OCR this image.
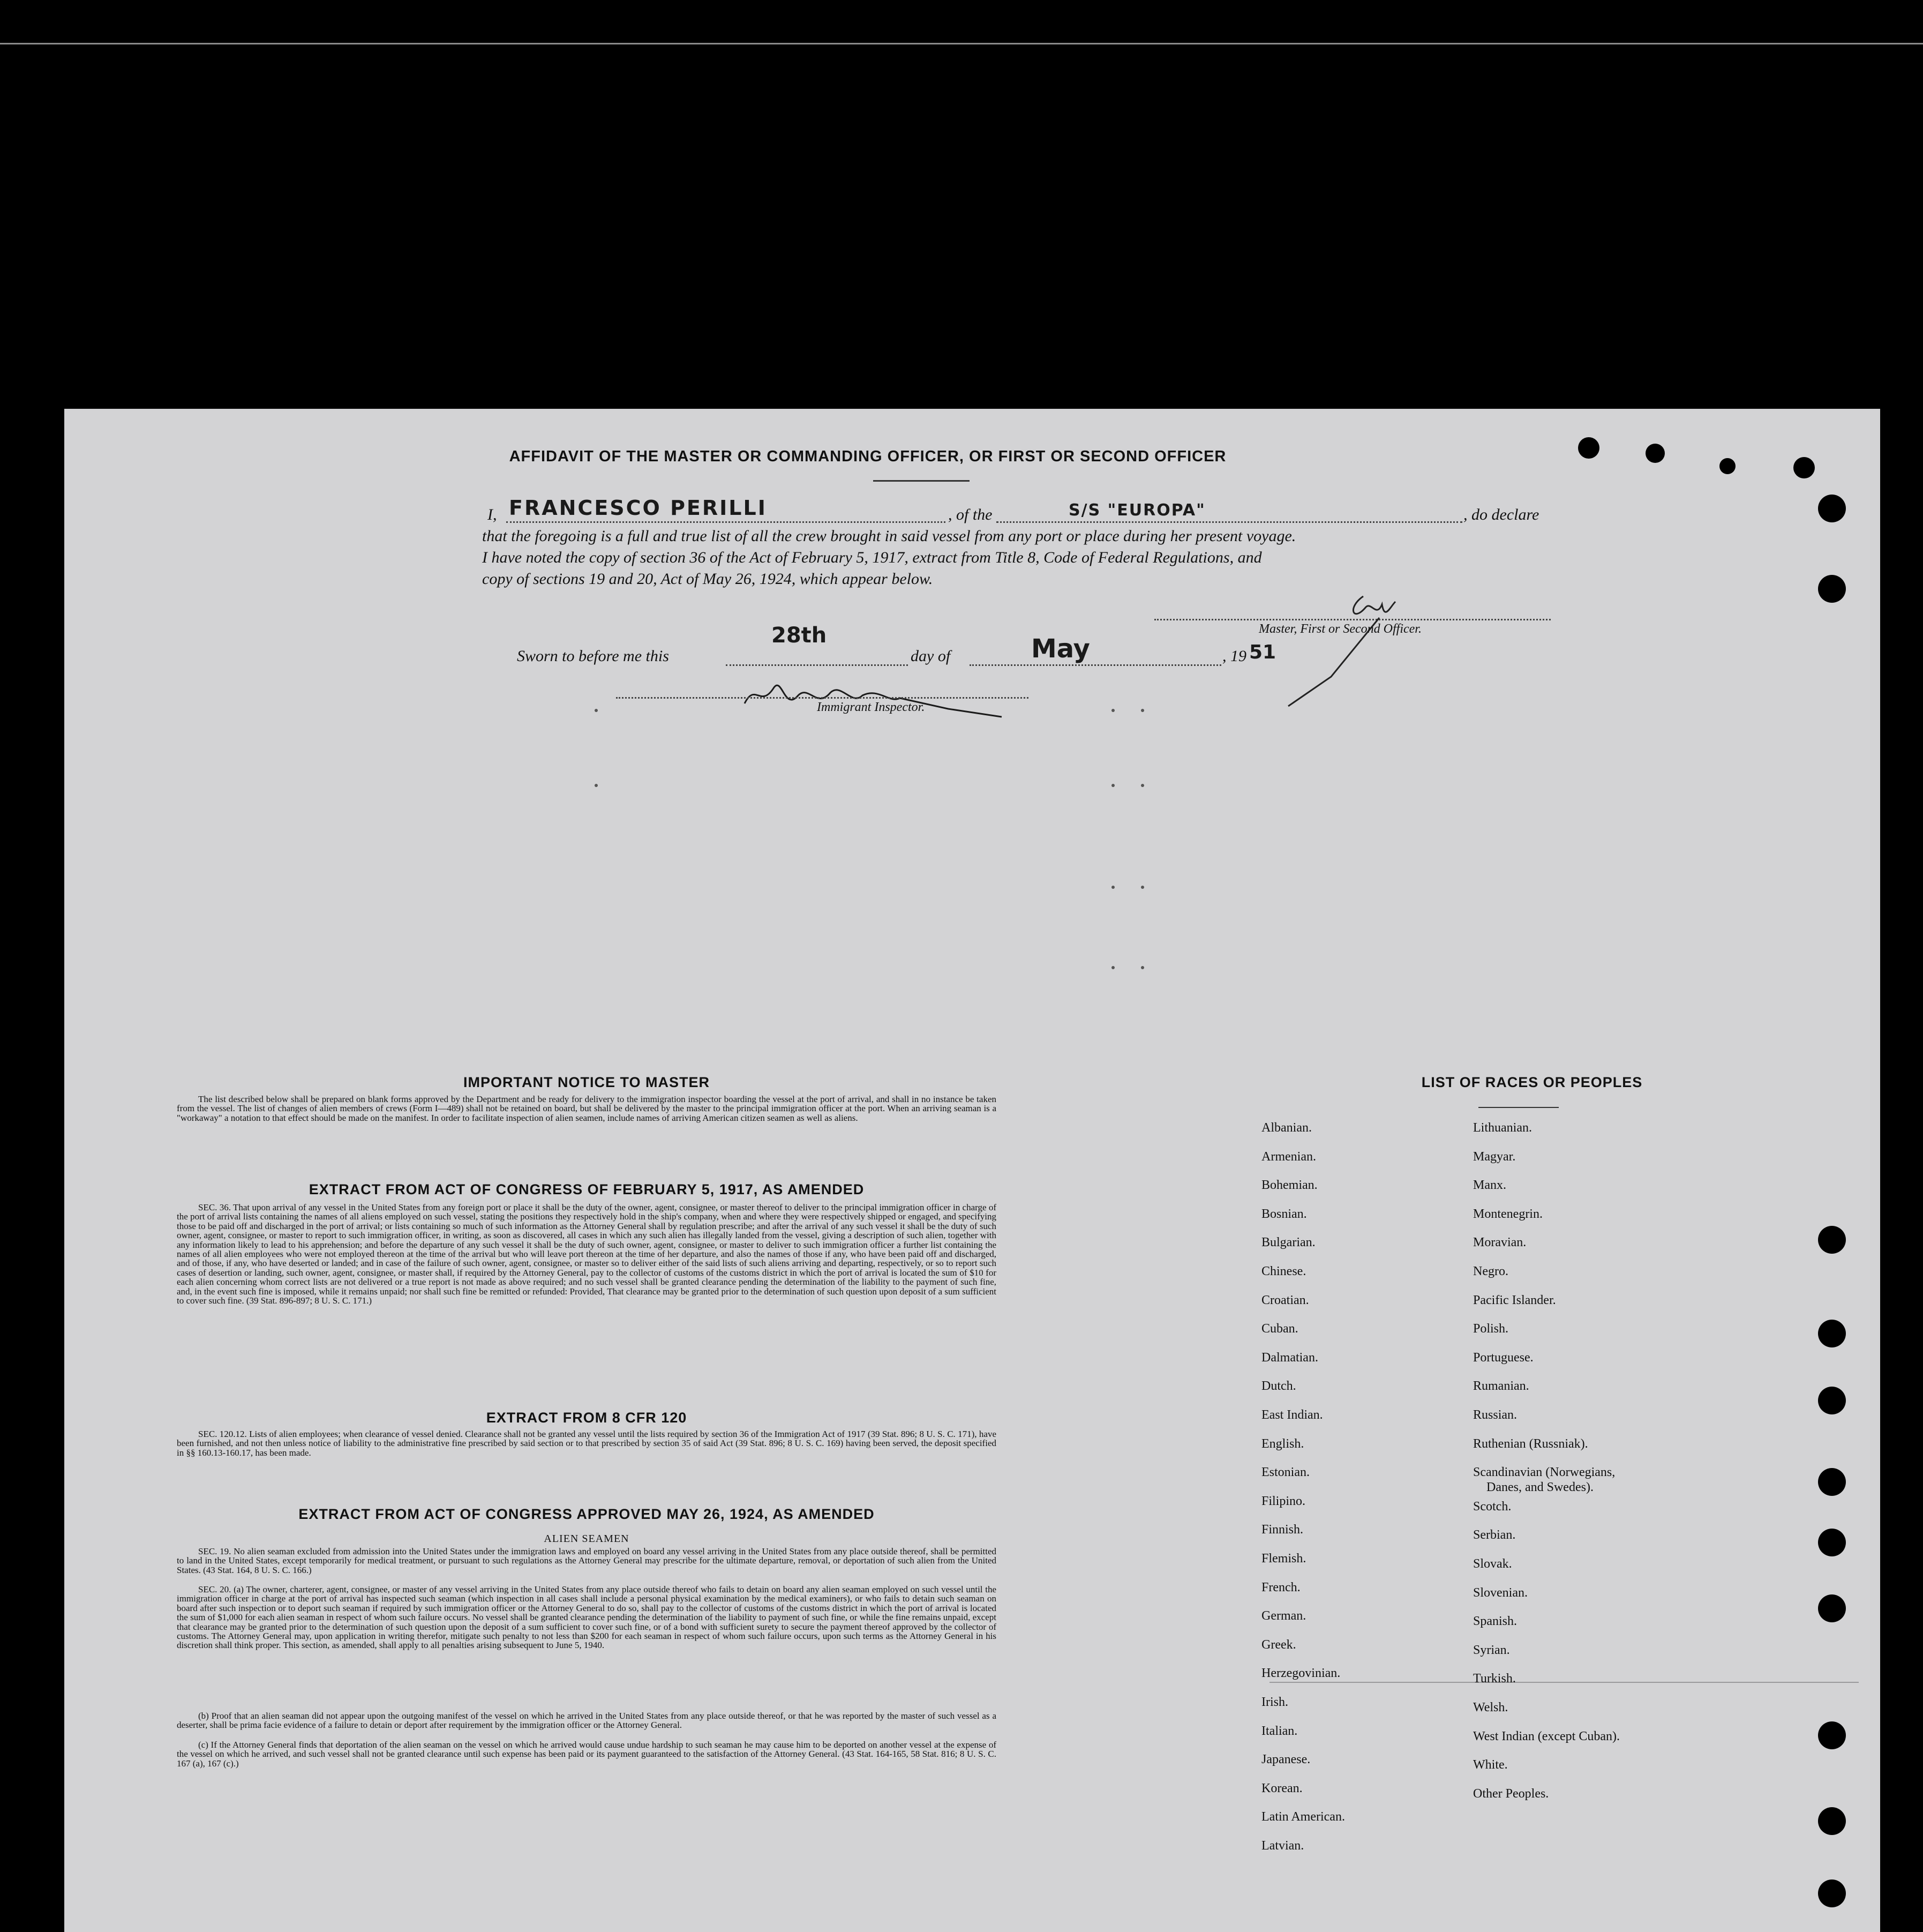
AFFIDAVIT OF THE MASTER OR COMMANDING OFFICER, OR FIRST OR SECOND OFFICER
I, FRANCESCO PERILLI	, of the	S/S "EUROPA"	, do declare
that the foregoing is a full and true list of all the crew brought in said vessel from any port or place during her present voyage.
I have noted the copy of section 36 of the Act of February 5, 1917, extract from Title 8, Code of Federal Regulations, and
copy of sections 19 and 20, Act of May 26, 1924, which appear below.
Master, First or Second Officer.
Sworn to before me this
28th
day of	May	, 19 51
Immigrant Inspector.
IMPORTANT NOTICE TO MASTER
The list described below shall be prepared on blank forms approved by the Department and be ready for delivery to the immigration inspector boarding the vessel at the port of arrival, and shall in no instance be taken from the vessel. The list of changes of alien members of crews (Form I—489) shall not be retained on board, but shall be delivered by the master to the principal immigration officer at the port. When an arriving seaman is a "workaway" a notation to that effect should be made on the manifest. In order to facilitate inspection of alien seamen, include names of arriving American citizen seamen as well as aliens.
EXTRACT FROM ACT OF CONGRESS OF FEBRUARY 5, 1917, AS AMENDED
SEC. 36. That upon arrival of any vessel in the United States from any foreign port or place it shall be the duty of the owner, agent, consignee, or master thereof to deliver to the principal immigration officer in charge of the port of arrival lists containing the names of all aliens employed on such vessel, stating the positions they respectively hold in the ship's company, when and where they were respectively shipped or engaged, and specifying those to be paid off and discharged in the port of arrival; or lists containing so much of such information as the Attorney General shall by regulation prescribe; and after the arrival of any such vessel it shall be the duty of such owner, agent, consignee, or master to report to such immigration officer, in writing, as soon as discovered, all cases in which any such alien has illegally landed from the vessel, giving a description of such alien, together with any information likely to lead to his apprehension; and before the departure of any such vessel it shall be the duty of such owner, agent, consignee, or master to deliver to such immigration officer a further list containing the names of all alien employees who were not employed thereon at the time of the arrival but who will leave port thereon at the time of her departure, and also the names of those if any, who have been paid off and discharged, and of those, if any, who have deserted or landed; and in case of the failure of such owner, agent, consignee, or master so to deliver either of the said lists of such aliens arriving and departing, respectively, or so to report such cases of desertion or landing, such owner, agent, consignee, or master shall, if required by the Attorney General, pay to the collector of customs of the customs district in which the port of arrival is located the sum of $10 for each alien concerning whom correct lists are not delivered or a true report is not made as above required; and no such vessel shall be granted clearance pending the determination of the liability to the payment of such fine, and, in the event such fine is imposed, while it remains unpaid; nor shall such fine be remitted or refunded: Provided, That clearance may be granted prior to the determination of such question upon deposit of a sum sufficient to cover such fine. (39 Stat. 896-897; 8 U. S. C. 171.)
EXTRACT FROM 8 CFR 120
SEC. 120.12. Lists of alien employees; when clearance of vessel denied. Clearance shall not be granted any vessel until the lists required by section 36 of the Immigration Act of 1917 (39 Stat. 896; 8 U. S. C. 171), have been furnished, and not then unless notice of liability to the administrative fine prescribed by said section or to that prescribed by section 35 of said Act (39 Stat. 896; 8 U. S. C. 169) having been served, the deposit specified in §§ 160.13-160.17, has been made.
EXTRACT FROM ACT OF CONGRESS APPROVED MAY 26, 1924, AS AMENDED
ALIEN SEAMEN
SEC. 19. No alien seaman excluded from admission into the United States under the immigration laws and employed on board any vessel arriving in the United States from any place outside thereof, shall be permitted to land in the United States, except temporarily for medical treatment, or pursuant to such regulations as the Attorney General may prescribe for the ultimate departure, removal, or deportation of such alien from the United States. (43 Stat. 164, 8 U. S. C. 166.)
SEC. 20. (a) The owner, charterer, agent, consignee, or master of any vessel arriving in the United States from any place outside thereof who fails to detain on board any alien seaman employed on such vessel until the immigration officer in charge at the port of arrival has inspected such seaman (which inspection in all cases shall include a personal physical examination by the medical examiners), or who fails to detain such seaman on board after such inspection or to deport such seaman if required by such immigration officer or the Attorney General to do so, shall pay to the collector of customs of the customs district in which the port of arrival is located the sum of $1,000 for each alien seaman in respect of whom such failure occurs. No vessel shall be granted clearance pending the determination of the liability to payment of such fine, or while the fine remains unpaid, except that clearance may be granted prior to the determination of such question upon the deposit of a sum sufficient to cover such fine, or of a bond with sufficient surety to secure the payment thereof approved by the collector of customs. The Attorney General may, upon application in writing therefor, mitigate such penalty to not less than $200 for each seaman in respect of whom such failure occurs, upon such terms as the Attorney General in his discretion shall think proper. This section, as amended, shall apply to all penalties arising subsequent to June 5, 1940.
(b) Proof that an alien seaman did not appear upon the outgoing manifest of the vessel on which he arrived in the United States from any place outside thereof, or that he was reported by the master of such vessel as a deserter, shall be prima facie evidence of a failure to detain or deport after requirement by the immigration officer or the Attorney General.
(c) If the Attorney General finds that deportation of the alien seaman on the vessel on which he arrived would cause undue hardship to such seaman he may cause him to be deported on another vessel at the expense of the vessel on which he arrived, and such vessel shall not be granted clearance until such expense has been paid or its payment guaranteed to the satisfaction of the Attorney General. (43 Stat. 164-165, 58 Stat. 816; 8 U. S. C. 167 (a), 167 (c).)
LIST OF RACES OR PEOPLES
Albanian.
Armenian.
Bohemian.
Bosnian.
Bulgarian.
Chinese.
Croatian.
Cuban.
Dalmatian.
Dutch.
East Indian.
English.
Estonian.
Filipino.
Finnish.
Flemish.
French.
German.
Greek.
Herzegovinian.
Irish.
Italian.
Japanese.
Korean.
Latin American.
Latvian.
Lithuanian.
Magyar.
Manx.
Montenegrin.
Moravian.
Negro.
Pacific Islander.
Polish.
Portuguese.
Rumanian.
Russian.
Ruthenian (Russniak).
Scandinavian (Norwegians,
Danes, and Swedes).
Scotch.
Serbian.
Slovak.
Slovenian.
Spanish.
Syrian.
Turkish.
Welsh.
West Indian (except Cuban).
White.
Other Peoples.
